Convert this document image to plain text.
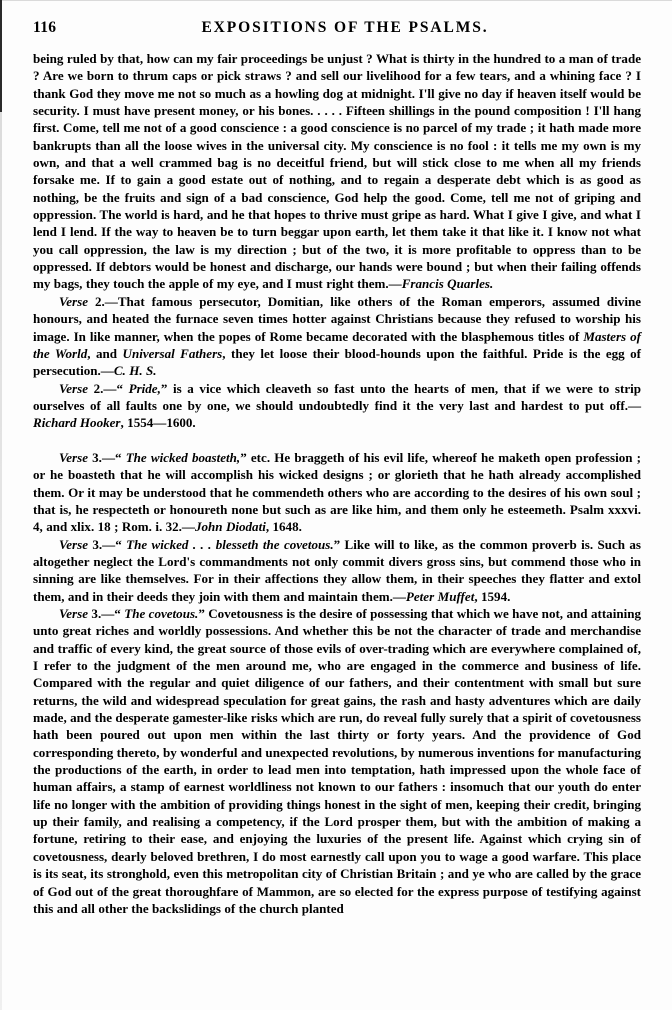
116	EXPOSITIONS OF THE PSALMS.

being ruled by that, how can my fair proceedings be unjust ? What is thirty in the hundred to a man of trade ? Are we born to thrum caps or pick straws ? and sell our livelihood for a few tears, and a whining face ? I thank God they move me not so much as a howling dog at midnight. I'll give no day if heaven itself would be security. I must have present money, or his bones. . . . . Fifteen shillings in the pound composition ! I'll hang first. Come, tell me not of a good conscience : a good conscience is no parcel of my trade ; it hath made more bankrupts than all the loose wives in the universal city. My conscience is no fool : it tells me my own is my own, and that a well crammed bag is no deceitful friend, but will stick close to me when all my friends forsake me. If to gain a good estate out of nothing, and to regain a desperate debt which is as good as nothing, be the fruits and sign of a bad conscience, God help the good. Come, tell me not of griping and oppression. The world is hard, and he that hopes to thrive must gripe as hard. What I give I give, and what I lend I lend. If the way to heaven be to turn beggar upon earth, let them take it that like it. I know not what you call oppression, the law is my direction ; but of the two, it is more profitable to oppress than to be oppressed. If debtors would be honest and discharge, our hands were bound ; but when their failing offends my bags, they touch the apple of my eye, and I must right them.—Francis Quarles.

Verse 2.—That famous persecutor, Domitian, like others of the Roman emperors, assumed divine honours, and heated the furnace seven times hotter against Christians because they refused to worship his image. In like manner, when the popes of Rome became decorated with the blasphemous titles of Masters of the World, and Universal Fathers, they let loose their blood-hounds upon the faithful. Pride is the egg of persecution.—C. H. S.

Verse 2.—“ Pride,” is a vice which cleaveth so fast unto the hearts of men, that if we were to strip ourselves of all faults one by one, we should undoubtedly find it the very last and hardest to put off.—Richard Hooker, 1554—1600.

Verse 3.—“ The wicked boasteth,” etc. He braggeth of his evil life, whereof he maketh open profession ; or he boasteth that he will accomplish his wicked designs ; or glorieth that he hath already accomplished them. Or it may be understood that he commendeth others who are according to the desires of his own soul ; that is, he respecteth or honoureth none but such as are like him, and them only he esteemeth. Psalm xxxvi. 4, and xlix. 18 ; Rom. i. 32.—John Diodati, 1648.

Verse 3.—“ The wicked . . . blesseth the covetous.” Like will to like, as the common proverb is. Such as altogether neglect the Lord's commandments not only commit divers gross sins, but commend those who in sinning are like themselves. For in their affections they allow them, in their speeches they flatter and extol them, and in their deeds they join with them and maintain them.—Peter Muffet, 1594.

Verse 3.—“ The covetous.” Covetousness is the desire of possessing that which we have not, and attaining unto great riches and worldly possessions. And whether this be not the character of trade and merchandise and traffic of every kind, the great source of those evils of over-trading which are everywhere complained of, I refer to the judgment of the men around me, who are engaged in the commerce and business of life. Compared with the regular and quiet diligence of our fathers, and their contentment with small but sure returns, the wild and widespread speculation for great gains, the rash and hasty adventures which are daily made, and the desperate gamester-like risks which are run, do reveal fully surely that a spirit of covetousness hath been poured out upon men within the last thirty or forty years. And the providence of God corresponding thereto, by wonderful and unexpected revolutions, by numerous inventions for manufacturing the productions of the earth, in order to lead men into temptation, hath impressed upon the whole face of human affairs, a stamp of earnest worldliness not known to our fathers : insomuch that our youth do enter life no longer with the ambition of providing things honest in the sight of men, keeping their credit, bringing up their family, and realising a competency, if the Lord prosper them, but with the ambition of making a fortune, retiring to their ease, and enjoying the luxuries of the present life. Against which crying sin of covetousness, dearly beloved brethren, I do most earnestly call upon you to wage a good warfare. This place is its seat, its stronghold, even this metropolitan city of Christian Britain ; and ye who are called by the grace of God out of the great thoroughfare of Mammon, are so elected for the express purpose of testifying against this and all other the backslidings of the church planted
